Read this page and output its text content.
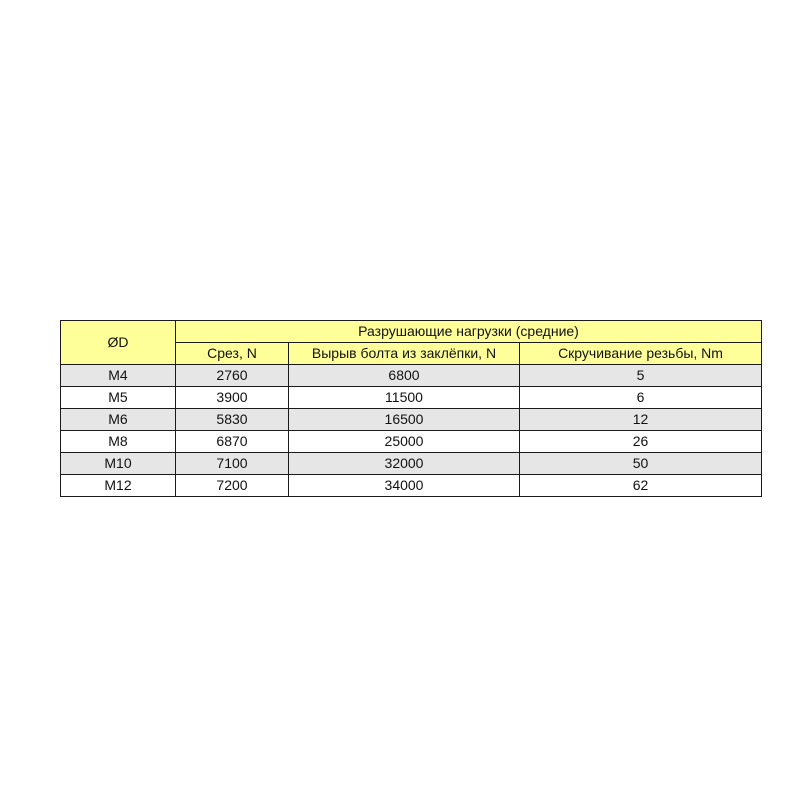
ØD	Разрушающие нагрузки (средние)		
	Срез, N	Вырыв болта из заклёпки, N	Скручивание резьбы, Nm
M4	2760	6800	5
M5	3900	11500	6
M6	5830	16500	12
M8	6870	25000	26
M10	7100	32000	50
M12	7200	34000	62
